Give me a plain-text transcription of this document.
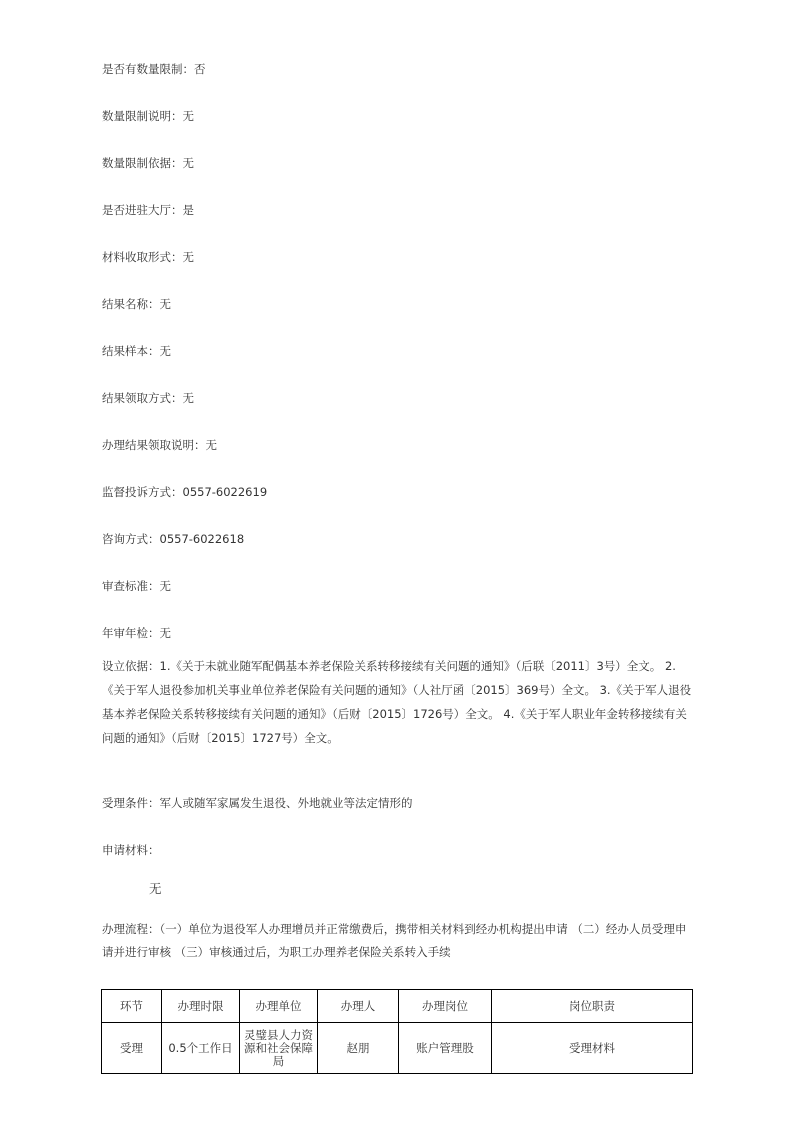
是否有数量限制：否
数量限制说明：无
数量限制依据：无
是否进驻大厅：是
材料收取形式：无
结果名称：无
结果样本：无
结果领取方式：无
办理结果领取说明：无
监督投诉方式：0557-6022619
咨询方式：0557-6022618
审查标准：无
年审年检：无
设立依据：1.《关于未就业随军配偶基本养老保险关系转移接续有关问题的通知》（后联〔2011〕3号）全文。 2.《关于军人退役参加机关事业单位养老保险有关问题的通知》（人社厅函〔2015〕369号）全文。 3.《关于军人退役基本养老保险关系转移接续有关问题的通知》（后财〔2015〕1726号）全文。 4.《关于军人职业年金转移接续有关问题的通知》（后财〔2015〕1727号）全文。
受理条件：军人或随军家属发生退役、外地就业等法定情形的
申请材料：
无
办理流程：（一）单位为退役军人办理增员并正常缴费后，携带相关材料到经办机构提出申请 （二）经办人员受理申请并进行审核 （三）审核通过后，为职工办理养老保险关系转入手续
环节	办理时限	办理单位	办理人	办理岗位	岗位职责
受理	0.5个工作日	灵璧县人力资源和社会保障局	赵朋	账户管理股	受理材料
